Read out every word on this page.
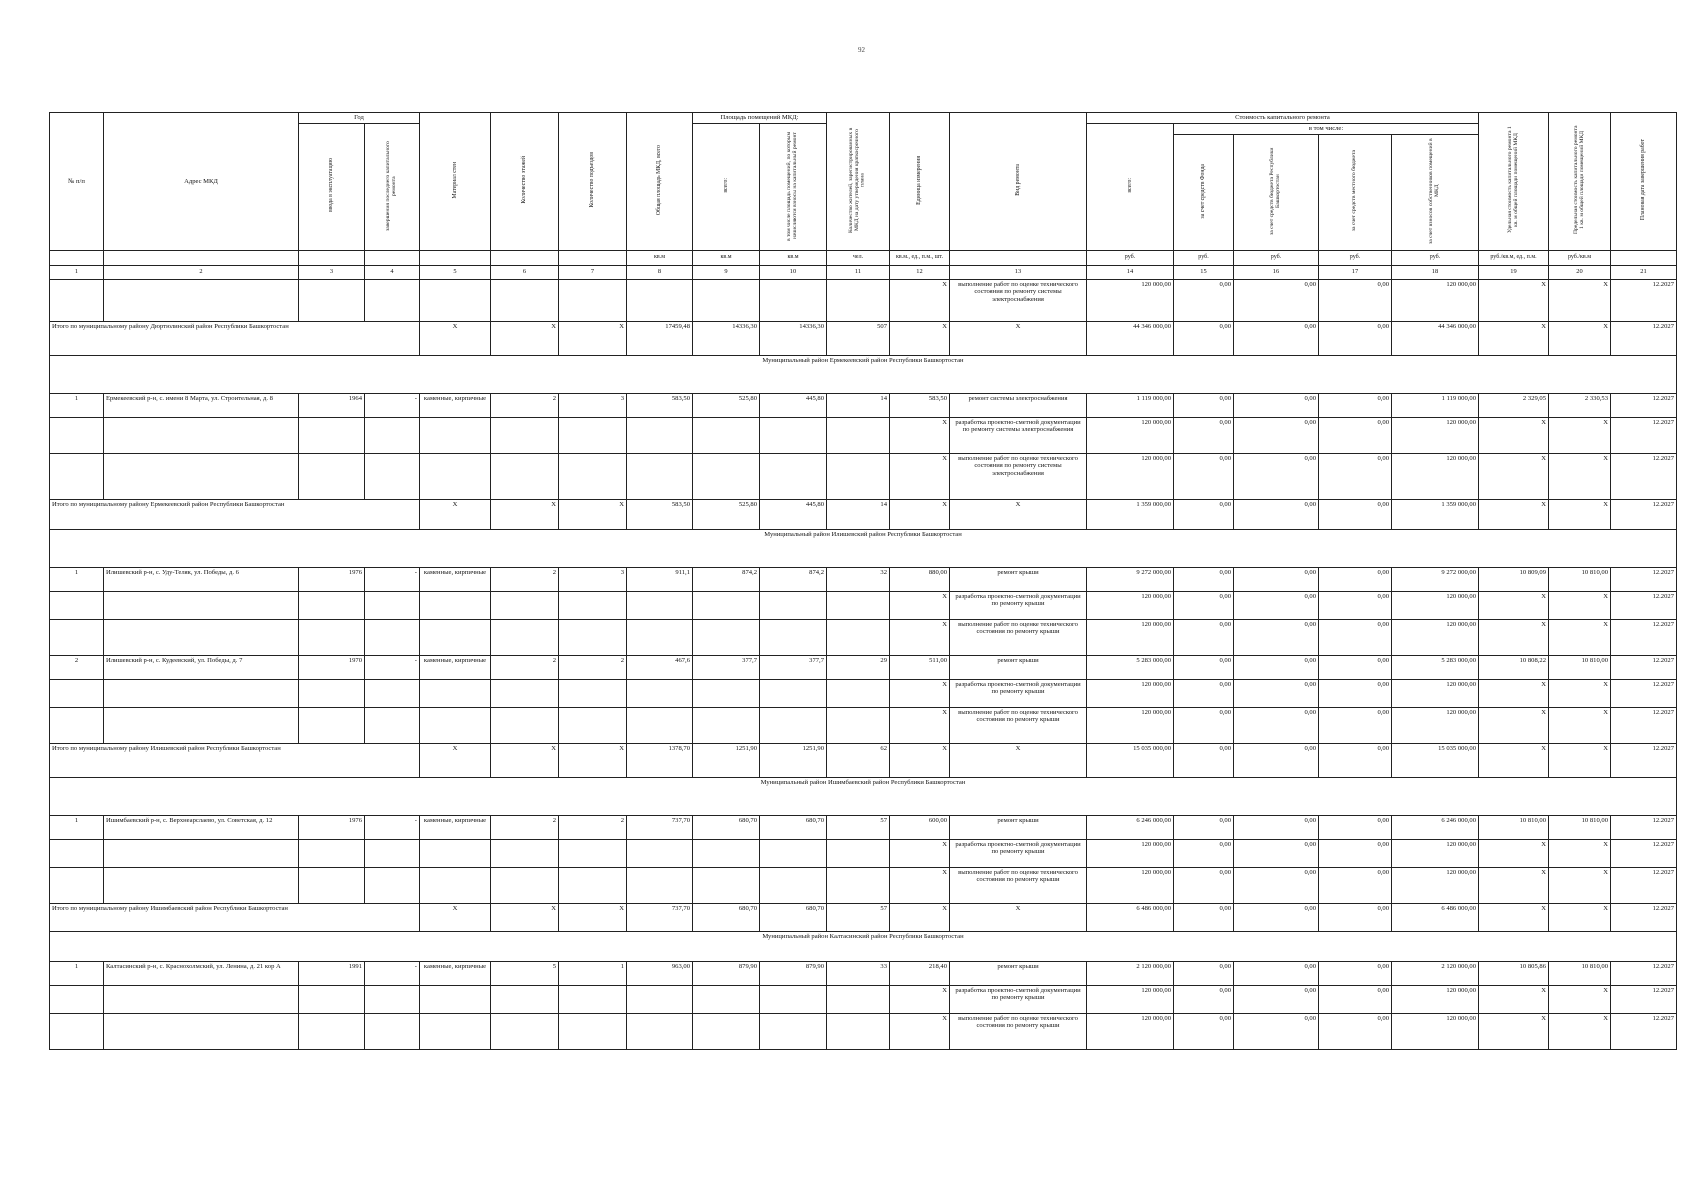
92
№ п/п	Адрес МКД	Год		Материал стен	Количество этажей	Количество подъездов	Общая площадь МКД, всего	Площадь помещений МКД:		Количество жителей, зарегистрированных в МКД на дату утверждения краткосрочного плана	Единица измерения	Вид ремонта	Стоимость капитального ремонта					Удельная стоимость капитального ремонта 1 кв. м общей площади помещений МКД	Предельная стоимость капитального ремонта 1 кв. м общей площади помещений МКД	Плановая дата завершения работ
		ввода в эксплуатацию	завершения последнего капитального ремонта					всего:	в том числе площадь помещений, по которым начисляются взносы на капитальный ремонт				всего:	в том числе:						
														за счет средств Фонда	за счет средств бюджета Республики Башкортостан	за счет средств местного бюджета	за счет взносов собственников помещений в МКД			
							кв.м	кв.м	кв.м	чел.	кв.м., ед., п.м., шт.		руб.	руб.	руб.	руб.	руб.	руб./кв.м, ед., п.м.	руб./кв.м	
1	2	3	4	5	6	7	8	9	10	11	12	13	14	15	16	17	18	19	20	21
											X	выполнение работ по оценке технического состояния по ремонту системы электроснабжения	120 000,00	0,00	0,00	0,00	120 000,00	X	X	12.2027
Итого по муниципальному району Дюртюлинский район Республики Башкортостан				X	X	X	17459,48	14336,30	14336,30	507	X	X	44 346 000,00	0,00	0,00	0,00	44 346 000,00	X	X	12.2027
Муниципальный район Ермекеевский район Республики Башкортостан																				
1	Ермекеевский р-н, с. имени 8 Марта, ул. Строительная, д. 8	1964	-	каменные, кирпичные	2	3	583,50	525,80	445,80	14	583,50	ремонт системы электроснабжения	1 119 000,00	0,00	0,00	0,00	1 119 000,00	2 329,05	2 330,53	12.2027
											X	разработка проектно-сметной документации по ремонту системы электроснабжения	120 000,00	0,00	0,00	0,00	120 000,00	X	X	12.2027
											X	выполнение работ по оценке технического состояния по ремонту системы электроснабжения	120 000,00	0,00	0,00	0,00	120 000,00	X	X	12.2027
Итого по муниципальному району Ермекеевский район Республики Башкортостан				X	X	X	583,50	525,80	445,80	14	X	X	1 359 000,00	0,00	0,00	0,00	1 359 000,00	X	X	12.2027
Муниципальный район Илишевский район Республики Башкортостан																				
1	Илишевский р-н, с. Уду-Теляк, ул. Победы, д. 6	1976	-	каменные, кирпичные	2	3	911,1	874,2	874,2	32	880,00	ремонт крыши	9 272 000,00	0,00	0,00	0,00	9 272 000,00	10 809,09	10 810,00	12.2027
											X	разработка проектно-сметной документации по ремонту крыши	120 000,00	0,00	0,00	0,00	120 000,00	X	X	12.2027
											X	выполнение работ по оценке технического состояния по ремонту крыши	120 000,00	0,00	0,00	0,00	120 000,00	X	X	12.2027
2	Илишевский р-н, с. Кудеевский, ул. Победы, д. 7	1970	-	каменные, кирпичные	2	2	467,6	377,7	377,7	29	511,00	ремонт крыши	5 283 000,00	0,00	0,00	0,00	5 283 000,00	10 808,22	10 810,00	12.2027
											X	разработка проектно-сметной документации по ремонту крыши	120 000,00	0,00	0,00	0,00	120 000,00	X	X	12.2027
											X	выполнение работ по оценке технического состояния по ремонту крыши	120 000,00	0,00	0,00	0,00	120 000,00	X	X	12.2027
Итого по муниципальному району Илишевский район Республики Башкортостан				X	X	X	1378,70	1251,90	1251,90	62	X	X	15 035 000,00	0,00	0,00	0,00	15 035 000,00	X	X	12.2027
Муниципальный район Ишимбаевский район Республики Башкортостан																				
1	Ишимбаевский р-н, с. Верхнеарслаево, ул. Советская, д. 12	1976	-	каменные, кирпичные	2	2	737,70	680,70	680,70	57	600,00	ремонт крыши	6 246 000,00	0,00	0,00	0,00	6 246 000,00	10 810,00	10 810,00	12.2027
											X	разработка проектно-сметной документации по ремонту крыши	120 000,00	0,00	0,00	0,00	120 000,00	X	X	12.2027
											X	выполнение работ по оценке технического состояния по ремонту крыши	120 000,00	0,00	0,00	0,00	120 000,00	X	X	12.2027
Итого по муниципальному району Ишимбаевский район Республики Башкортостан				X	X	X	737,70	680,70	680,70	57	X	X	6 486 000,00	0,00	0,00	0,00	6 486 000,00	X	X	12.2027
Муниципальный район Калтасинский район Республики Башкортостан																				
1	Калтасинский р-н, с. Краснохолмский, ул. Ленина, д. 21 кор А	1991	-	каменные, кирпичные	5	1	963,00	879,90	879,90	33	218,40	ремонт крыши	2 120 000,00	0,00	0,00	0,00	2 120 000,00	10 805,86	10 810,00	12.2027
											X	разработка проектно-сметной документации по ремонту крыши	120 000,00	0,00	0,00	0,00	120 000,00	X	X	12.2027
											X	выполнение работ по оценке технического состояния по ремонту крыши	120 000,00	0,00	0,00	0,00	120 000,00	X	X	12.2027
